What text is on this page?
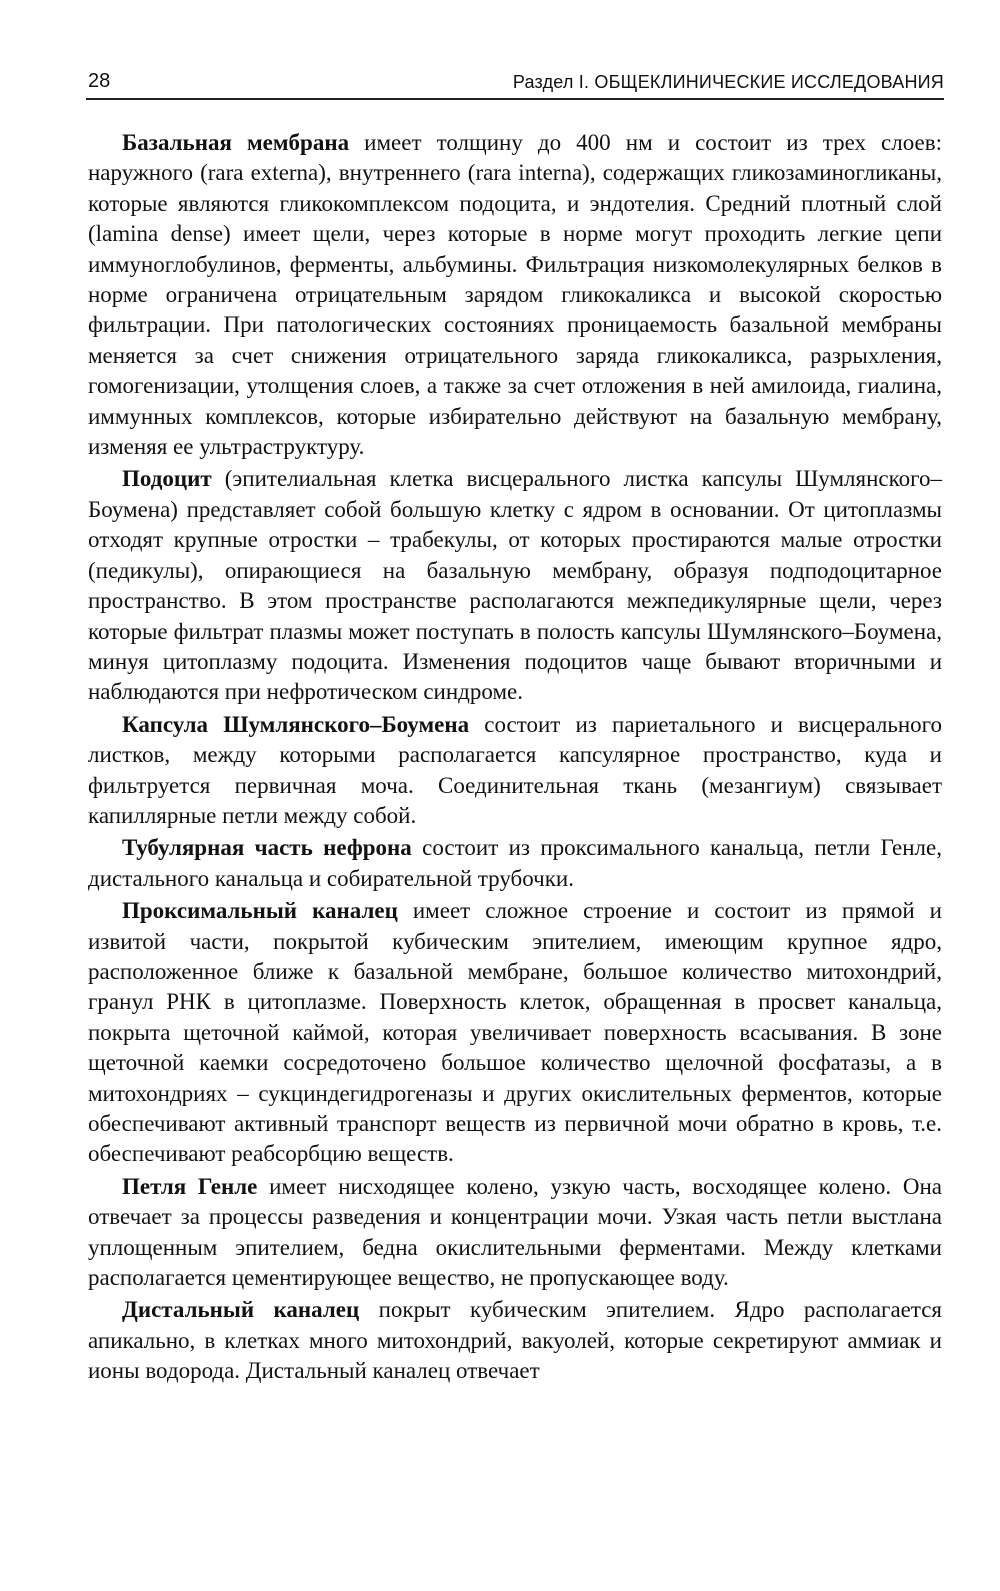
28	Раздел I. ОБЩЕКЛИНИЧЕСКИЕ ИССЛЕДОВАНИЯ

Базальная мембрана имеет толщину до 400 нм и состоит из трех слоев: наружного (rara externa), внутреннего (rara interna), содержащих гликозаминогликаны, которые являются гликокомплексом подоцита, и эндотелия. Средний плотный слой (lamina dense) имеет щели, через которые в норме могут проходить легкие цепи иммуноглобулинов, ферменты, альбумины. Фильтрация низкомолекулярных белков в норме ограничена отрицательным зарядом гликокаликса и высокой скоростью фильтрации. При патологических состояниях проницаемость базальной мембраны меняется за счет снижения отрицательного заряда гликокаликса, разрыхления, гомогенизации, утолщения слоев, а также за счет отложения в ней амилоида, гиалина, иммунных комплексов, которые избирательно действуют на базальную мембрану, изменяя ее ультраструктуру.

Подоцит (эпителиальная клетка висцерального листка капсулы Шумлянского–Боумена) представляет собой большую клетку с ядром в основании. От цитоплазмы отходят крупные отростки – трабекулы, от которых простираются малые отростки (педикулы), опирающиеся на базальную мембрану, образуя подподоцитарное пространство. В этом пространстве располагаются межпедикулярные щели, через которые фильтрат плазмы может поступать в полость капсулы Шумлянского–Боумена, минуя цитоплазму подоцита. Изменения подоцитов чаще бывают вторичными и наблюдаются при нефротическом синдроме.

Капсула Шумлянского–Боумена состоит из париетального и висцерального листков, между которыми располагается капсулярное пространство, куда и фильтруется первичная моча. Соединительная ткань (мезангиум) связывает капиллярные петли между собой.

Тубулярная часть нефрона состоит из проксимального канальца, петли Генле, дистального канальца и собирательной трубочки.

Проксимальный каналец имеет сложное строение и состоит из прямой и извитой части, покрытой кубическим эпителием, имеющим крупное ядро, расположенное ближе к базальной мембране, большое количество митохондрий, гранул РНК в цитоплазме. Поверхность клеток, обращенная в просвет канальца, покрыта щеточной каймой, которая увеличивает поверхность всасывания. В зоне щеточной каемки сосредоточено большое количество щелочной фосфатазы, а в митохондриях – сукциндегидрогеназы и других окислительных ферментов, которые обеспечивают активный транспорт веществ из первичной мочи обратно в кровь, т.е. обеспечивают реабсорбцию веществ.

Петля Генле имеет нисходящее колено, узкую часть, восходящее колено. Она отвечает за процессы разведения и концентрации мочи. Узкая часть петли выстлана уплощенным эпителием, бедна окислительными ферментами. Между клетками располагается цементирующее вещество, не пропускающее воду.

Дистальный каналец покрыт кубическим эпителием. Ядро располагается апикально, в клетках много митохондрий, вакуолей, которые секретируют аммиак и ионы водорода. Дистальный каналец отвечает
